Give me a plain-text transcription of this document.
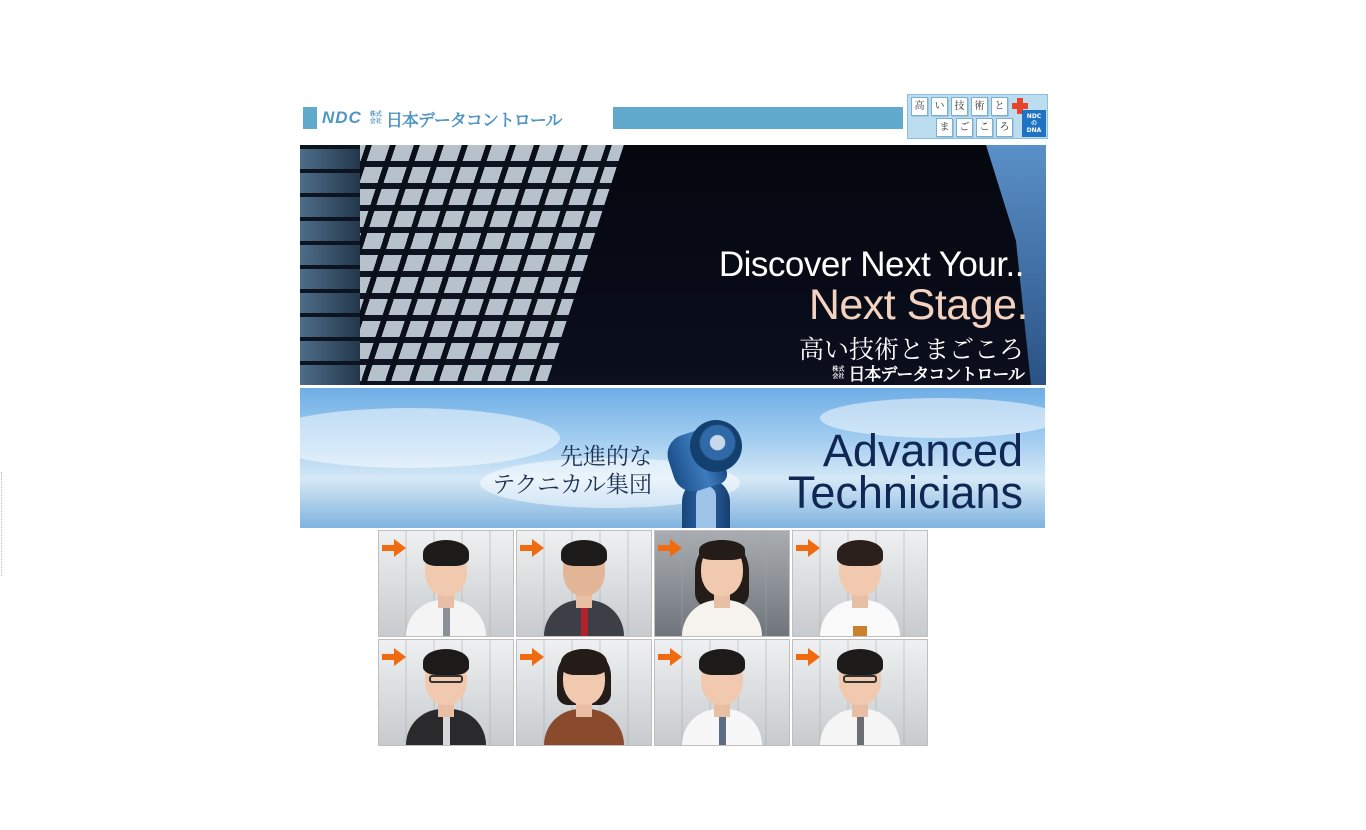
NDC 株式
会社 日本データコントロール
高	い	技	術	と
ま	ご	こ	ろ
NDC
の
DNA
Discover Next Your..
Next Stage.
高い技術とまごころ
株式
会社 日本データコントロール
先進的な
テクニカル集団
Advanced
Technicians
